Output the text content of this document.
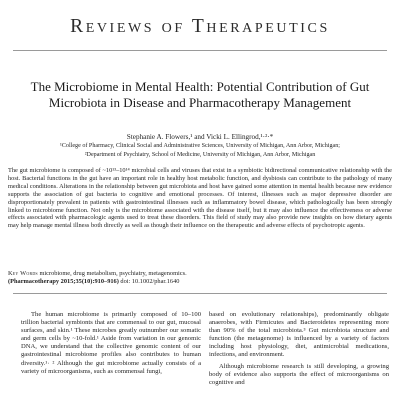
Reviews of Therapeutics
The Microbiome in Mental Health: Potential Contribution of Gut Microbiota in Disease and Pharmacotherapy Management
Stephanie A. Flowers,¹ and Vicki L. Ellingrod,¹·²·*
¹College of Pharmacy, Clinical Social and Administrative Sciences, University of Michigan, Ann Arbor, Michigan;
²Department of Psychiatry, School of Medicine, University of Michigan, Ann Arbor, Michigan

The gut microbiome is composed of ~10¹³–10¹⁴ microbial cells and viruses that exist in a symbiotic bidirectional communicative relationship with the host. Bacterial functions in the gut have an important role in healthy host metabolic function, and dysbiosis can contribute to the pathology of many medical conditions. Alterations in the relationship between gut microbiota and host have gained some attention in mental health because new evidence supports the association of gut bacteria to cognitive and emotional processes. Of interest, illnesses such as major depressive disorder are disproportionately prevalent in patients with gastrointestinal illnesses such as inflammatory bowel disease, which pathologically has been strongly linked to microbiome function. Not only is the microbiome associated with the disease itself, but it may also influence the effectiveness or adverse effects associated with pharmacologic agents used to treat these disorders. This field of study may also provide new insights on how dietary agents may help manage mental illness both directly as well as though their influence on the therapeutic and adverse effects of psychotropic agents.

Key Words microbiome, drug metabolism, psychiatry, metagenomics.
(Pharmacotherapy 2015;35(10):910–916) doi: 10.1002/phar.1640

The human microbiome is primarily composed of 10–100 trillion bacterial symbionts that are commensal to our gut, mucosal surfaces, and skin.¹ These microbes greatly outnumber our somatic and germ cells by ~10-fold.¹ Aside from variation in our genomic DNA, we understand that the collective genomic content of our gastrointestinal microbiome profiles also contributes to human diversity.¹· ² Although the gut microbiome actually consists of a variety of microorganisms, such as commensal fungi,

based on evolutionary relationships), predominantly obligate anaerobes, with Firmicutes and Bacteroidetes representing more than 90% of the total microbiota.³ Gut microbiota structure and function (the metagenome) is influenced by a variety of factors including host physiology, diet, antimicrobial medications, infections, and environment.

Although microbiome research is still developing, a growing body of evidence also supports the effect of microorganisms on cognitive and
